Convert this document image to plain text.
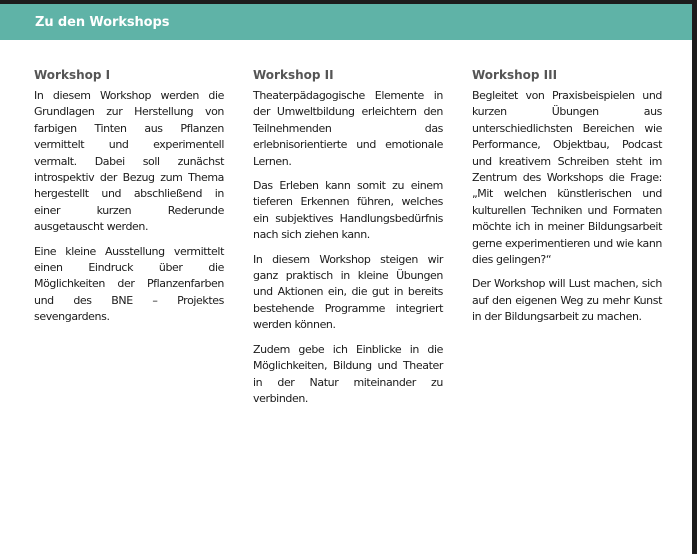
Zu den Workshops
Workshop I

In diesem Workshop werden die Grundlagen zur Herstellung von farbigen Tinten aus Pflanzen vermittelt und experimentell vermalt. Dabei soll zunächst introspektiv der Bezug zum Thema hergestellt und abschließend in einer kurzen Rederunde ausgetauscht werden.

Eine kleine Ausstellung vermittelt einen Eindruck über die Möglichkeiten der Pflanzenfarben und des BNE – Projektes sevengardens.

Workshop II

Theaterpädagogische Elemente in der Umweltbildung erleichtern den Teilnehmenden das erlebnisorientierte und emotionale Lernen.

Das Erleben kann somit zu einem tieferen Erkennen führen, welches ein subjektives Handlungsbedürfnis nach sich ziehen kann.

In diesem Workshop steigen wir ganz praktisch in kleine Übungen und Aktionen ein, die gut in bereits bestehende Programme integriert werden können.

Zudem gebe ich Einblicke in die Möglichkeiten, Bildung und Theater in der Natur miteinander zu verbinden.

Workshop III

Begleitet von Praxisbeispielen und kurzen Übungen aus unterschiedlichsten Bereichen wie Performance, Objektbau, Podcast und kreativem Schreiben steht im Zentrum des Workshops die Frage: „Mit welchen künstlerischen und kulturellen Techniken und Formaten möchte ich in meiner Bildungsarbeit gerne experimentieren und wie kann dies gelingen?“

Der Workshop will Lust machen, sich auf den eigenen Weg zu mehr Kunst in der Bildungsarbeit zu machen.
